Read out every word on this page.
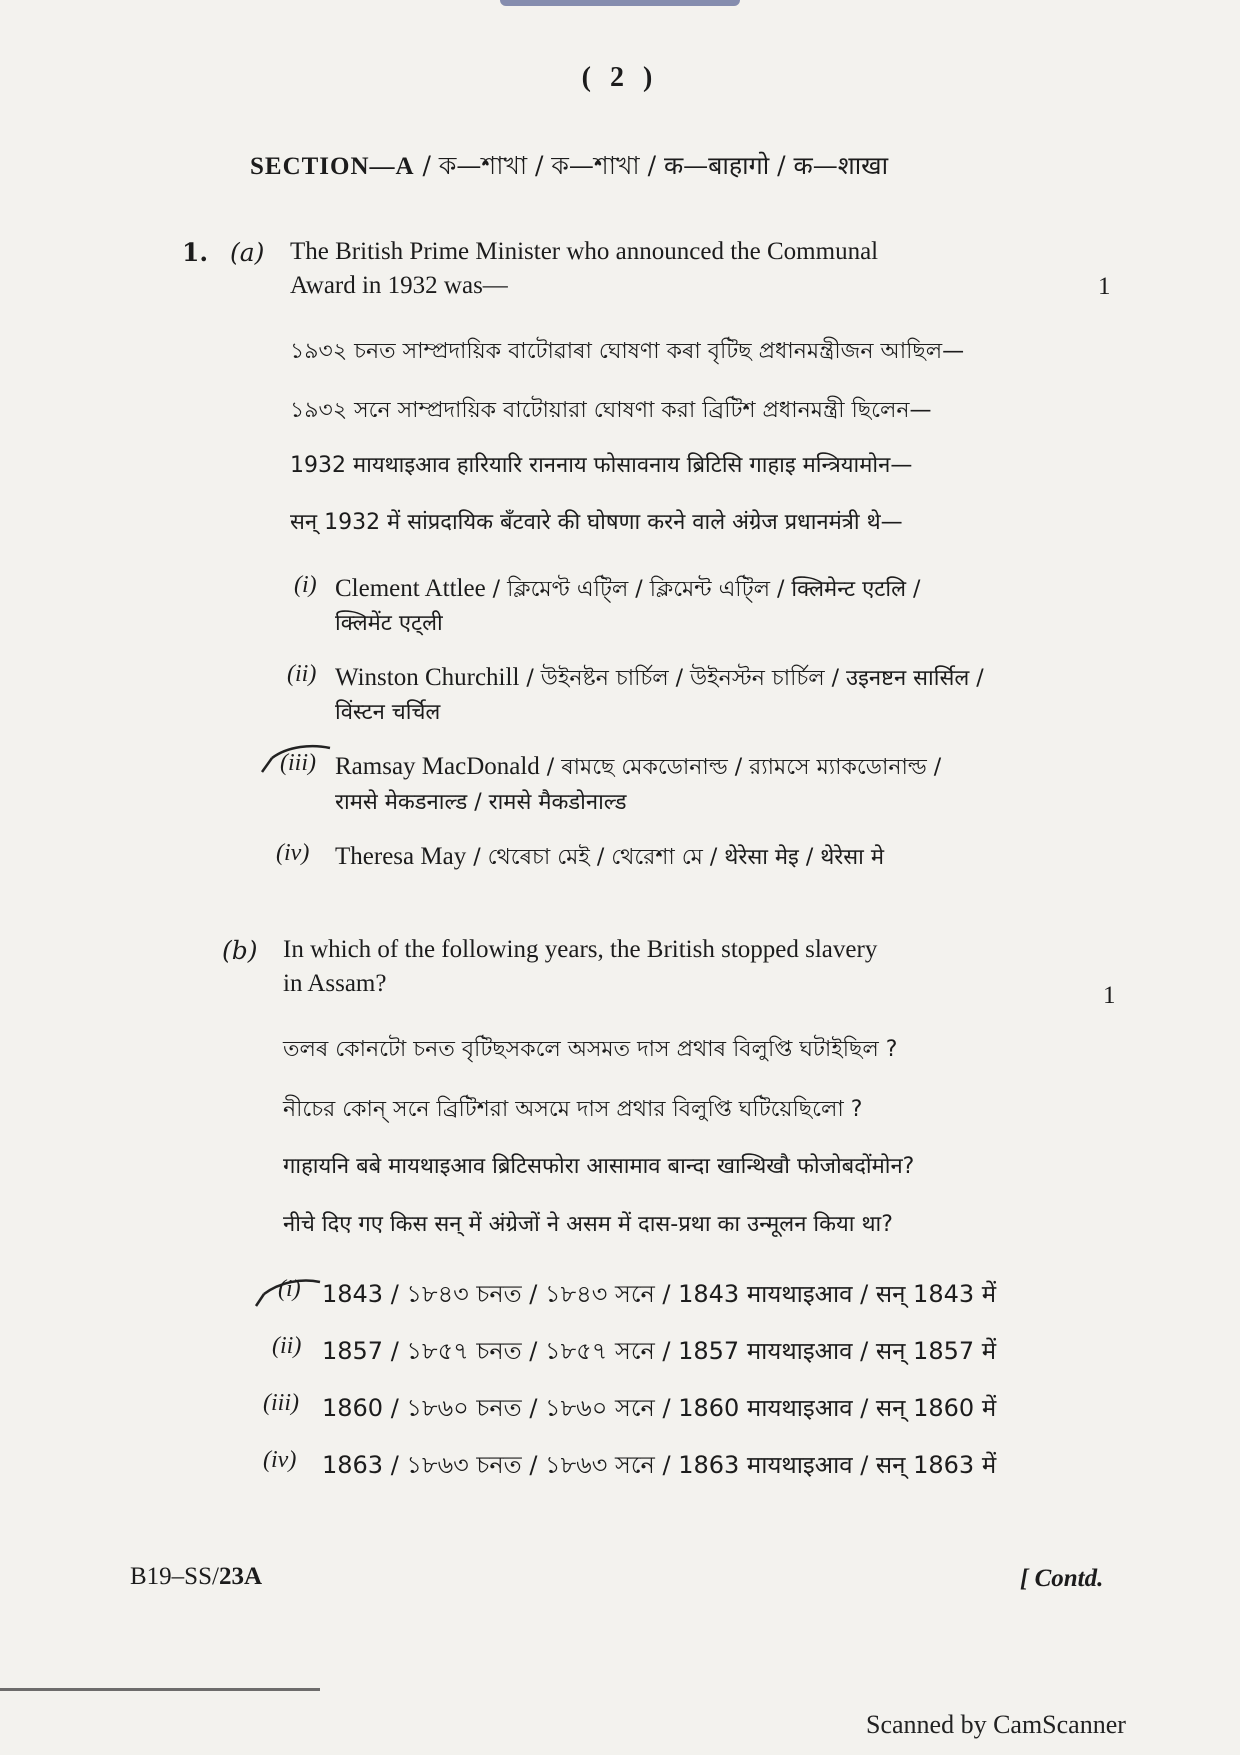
( 2 )
SECTION—A / ক—শাখা / ক—শাখা / क—बाहागो / क—शाखा
1. (a) The British Prime Minister who announced the Communal
Award in 1932 was—	1
১৯৩২ চনত সাম্প্ৰদায়িক বাটোৱাৰা ঘোষণা কৰা বৃটিছ প্ৰধানমন্ত্ৰীজন আছিল—
১৯৩২ সনে সাম্প্রদায়িক বাটোয়ারা ঘোষণা করা ব্রিটিশ প্রধানমন্ত্রী ছিলেন—
1932 मायथाइआव हारियारि राननाय फोसावनाय ब्रिटिसि गाहाइ मन्त्रियामोन—
सन् 1932 में सांप्रदायिक बँटवारे की घोषणा करने वाले अंग्रेज प्रधानमंत्री थे—
(i) Clement Attlee / ক্লিমেণ্ট এট্লি / ক্লিমেন্ট এট্লি / क्लिमेन्ट एटलि /
क्लिमेंट एट्ली
(ii) Winston Churchill / উইনষ্টন চাৰ্চিল / উইনস্টন চার্চিল / उइनष्टन सार्सिल /
विंस्टन चर्चिल
(iii) Ramsay MacDonald / ৰামছে মেকডোনাল্ড / র‍্যামসে ম্যাকডোনাল্ড /
रामसे मेकडनाल्ड / रामसे मैकडोनाल्ड
(iv) Theresa May / থেৰেচা মেই / থেরেশা মে / थेरेसा मेइ / थेरेसा मे
(b) In which of the following years, the British stopped slavery
in Assam?	1
তলৰ কোনটো চনত বৃটিছসকলে অসমত দাস প্ৰথাৰ বিলুপ্তি ঘটাইছিল ?
নীচের কোন্ সনে ব্রিটিশরা অসমে দাস প্রথার বিলুপ্তি ঘটিয়েছিলো ?
गाहायनि बबे मायथाइआव ब्रिटिसफोरा आसामाव बान्दा खान्थिखौ फोजोबदोंमोन?
नीचे दिए गए किस सन् में अंग्रेजों ने असम में दास-प्रथा का उन्मूलन किया था?
(i) 1843 / ১৮৪৩ চনত / ১৮৪৩ সনে / 1843 मायथाइआव / सन् 1843 में
(ii) 1857 / ১৮৫৭ চনত / ১৮৫৭ সনে / 1857 मायथाइआव / सन् 1857 में
(iii) 1860 / ১৮৬০ চনত / ১৮৬০ সনে / 1860 मायथाइआव / सन् 1860 में
(iv) 1863 / ১৮৬৩ চনত / ১৮৬৩ সনে / 1863 मायथाइआव / सन् 1863 में
B19–SS/23A	[ Contd.
Scanned by CamScanner
